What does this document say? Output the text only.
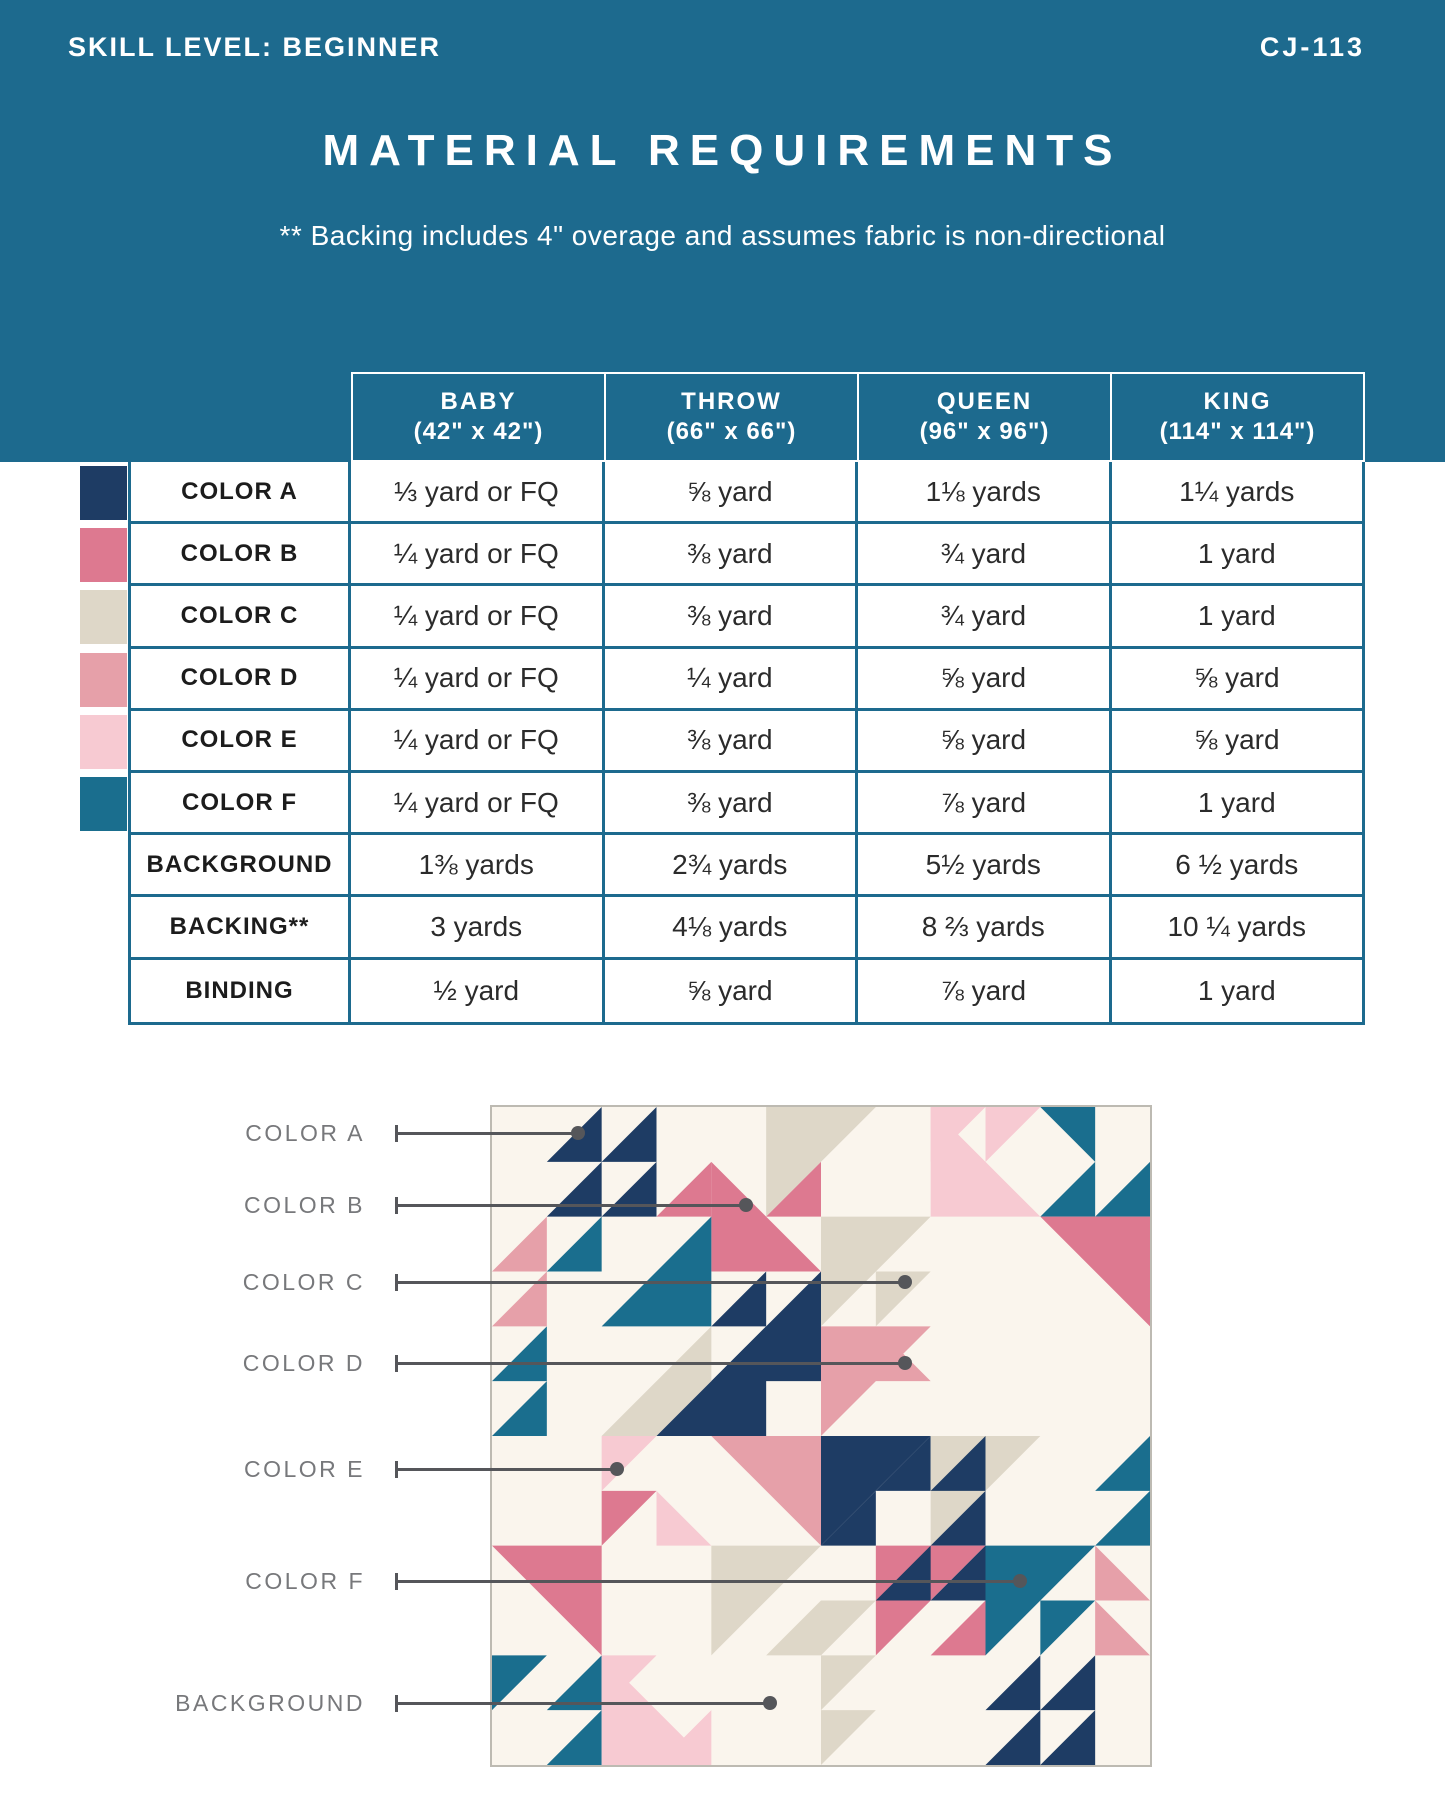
SKILL LEVEL: BEGINNER	CJ-113
MATERIAL REQUIREMENTS
** Backing includes 4" overage and assumes fabric is non-directional
BABY
(42" x 42")
THROW
(66" x 66")
QUEEN
(96" x 96")
KING
(114" x 114")
COLOR A	⅓ yard or FQ	⅝ yard	1⅛ yards	1¼ yards
COLOR B	¼ yard or FQ	⅜ yard	¾ yard	1 yard
COLOR C	¼ yard or FQ	⅜ yard	¾ yard	1 yard
COLOR D	¼ yard or FQ	¼ yard	⅝ yard	⅝ yard
COLOR E	¼ yard or FQ	⅜ yard	⅝ yard	⅝ yard
COLOR F	¼ yard or FQ	⅜ yard	⅞ yard	1 yard
BACKGROUND	1⅜ yards	2¾ yards	5½ yards	6 ½ yards
BACKING**	3 yards	4⅛ yards	8 ⅔ yards	10 ¼ yards
BINDING	½ yard	⅝ yard	⅞ yard	1 yard
COLOR A
COLOR B
COLOR C
COLOR D
COLOR E
COLOR F
BACKGROUND
